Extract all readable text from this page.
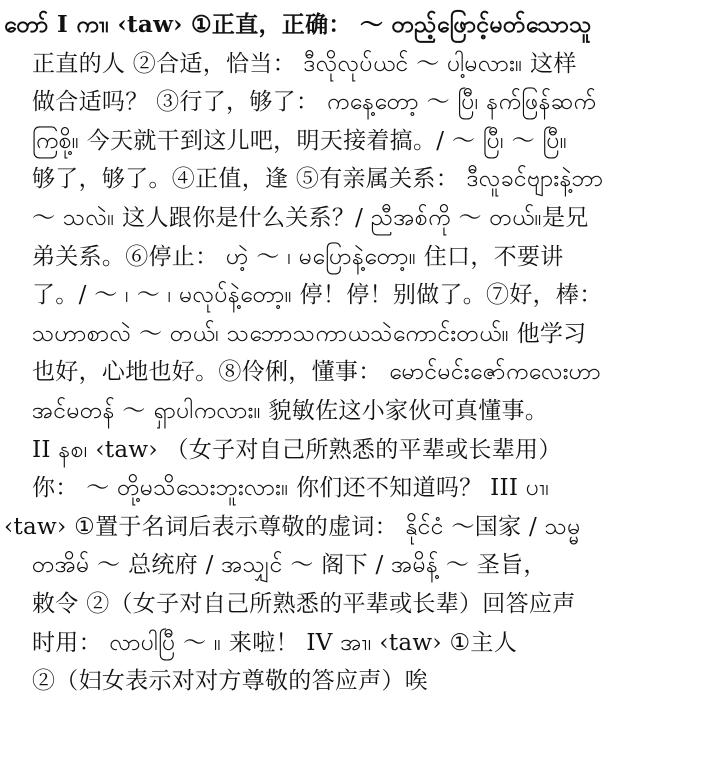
တော် I ကၢ၊ ‹taw› ①正直，正确： ～ တည့်ဖြောင့်မတ်သောသူ
正直的人 ②合适，恰当： ဒီလိုလုပ်ယင် ～ ပါ့မလား။ 这样
做合适吗？ ③行了，够了： ကနေ့တော့ ～ ပြီ၊ နက်ဖြန်ဆက်
ကြစို့။ 今天就干到这儿吧，明天接着搞。/ ～ ပြီ၊ ～ ပြီ။
够了，够了。④正值，逢 ⑤有亲属关系： ဒီလူခင်ဗျားနဲ့ဘာ
～ သလဲ။ 这人跟你是什么关系？/ ညီအစ်ကို ～ တယ်။是兄
弟关系。⑥停止： ဟဲ့ ～ ၊ မပြောနဲ့တော့။ 住口，不要讲
了。/ ～ ၊ ～ ၊ မလုပ်နဲ့တော့။ 停！停！别做了。⑦好，棒：
သဟာစာလဲ ～ တယ်၊ သဘောသကာယသဲကောင်းတယ်။ 他学习
也好，心地也好。⑧伶俐，懂事： မောင်မင်းဇော်ကလေးဟာ
အင်မတန် ～ ရှာပါကလား။ 貌敏佐这小家伙可真懂事。
II နစ၊ ‹taw› （女子对自己所熟悉的平辈或长辈用）
你： ～ တို့မသိသေးဘူးလား။ 你们还不知道吗？ III ပၢ၊
‹taw› ①置于名词后表示尊敬的虚词： နိုင်ငံ ～国家 / သမ္မ
တအိမ် ～ 总统府 / အသျှင် ～ 阁下 / အမိန့် ～ 圣旨，
敕令 ②（女子对自己所熟悉的平辈或长辈）回答应声
时用： လာပါပြီ ～ ။ 来啦！ IV အၢ၊ ‹taw› ①主人
②（妇女表示对对方尊敬的答应声）唉
